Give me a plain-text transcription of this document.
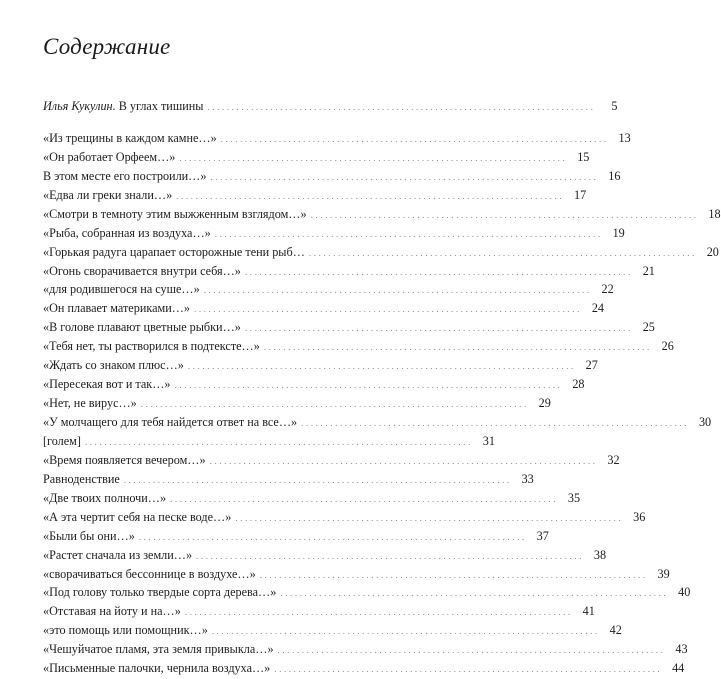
Содержание
Илья Кукулин. В углах тишины ................................................................................	5
«Из трещины в каждом камне…» ................................................................................ 13
«Он работает Орфеем…» ................................................................................ 15
В этом месте его построили…» ................................................................................ 16
«Едва ли греки знали…» ................................................................................ 17
«Смотри в темноту этим выжженным взглядом…» ................................................................................ 18
«Рыба, собранная из воздуха…» ................................................................................ 19
«Горькая радуга царапает осторожные тени рыб… ................................................................................ 20
«Огонь сворачивается внутри себя…» ................................................................................ 21
«для родившегося на суше…» ................................................................................ 22
«Он плавает материками…» ................................................................................ 24
«В голове плавают цветные рыбки…» ................................................................................ 25
«Тебя нет, ты растворился в подтексте…» ................................................................................ 26
«Ждать со знаком плюс…» ................................................................................ 27
«Пересекая вот и так…» ................................................................................ 28
«Нет, не вирус…» ................................................................................ 29
«У молчащего для тебя найдется ответ на все…» ................................................................................ 30
[голем] ................................................................................ 31
«Время появляется вечером…» ................................................................................ 32
Равноденствие ................................................................................ 33
«Две твоих полночи…» ................................................................................ 35
«А эта чертит себя на песке воде…» ................................................................................ 36
«Были бы они…» ................................................................................ 37
«Растет сначала из земли…» ................................................................................ 38
«сворачиваться бессоннице в воздухе…» ................................................................................ 39
«Под голову только твердые сорта дерева…» ................................................................................ 40
«Отставая на йоту и на…» ................................................................................ 41
«это помощь или помощник…» ................................................................................ 42
«Чешуйчатое пламя, эта земля привыкла…» ................................................................................ 43
«Письменные палочки, чернила воздуха…» ................................................................................ 44
